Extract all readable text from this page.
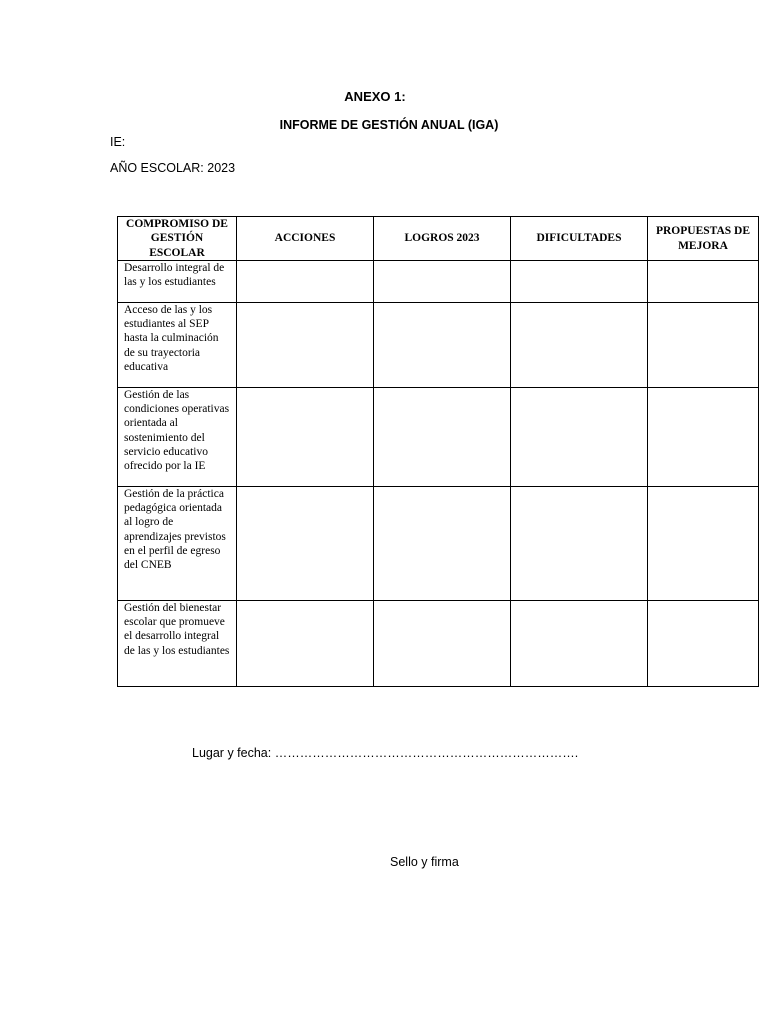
ANEXO 1:
INFORME DE GESTIÓN ANUAL (IGA)
IE:
AÑO ESCOLAR: 2023
COMPROMISO DE GESTIÓN ESCOLAR	ACCIONES	LOGROS 2023	DIFICULTADES	PROPUESTAS DE MEJORA
Desarrollo integral de las y los estudiantes				
Acceso de las y los estudiantes al SEP hasta la culminación de su trayectoria educativa				
Gestión de las condiciones operativas orientada al sostenimiento del servicio educativo ofrecido por la IE				
Gestión de la práctica pedagógica orientada al logro de aprendizajes previstos en el perfil de egreso del CNEB				
Gestión del bienestar escolar que promueve el desarrollo integral de las y los estudiantes				
Lugar y fecha: ……………………………………………………………….
Sello y firma
